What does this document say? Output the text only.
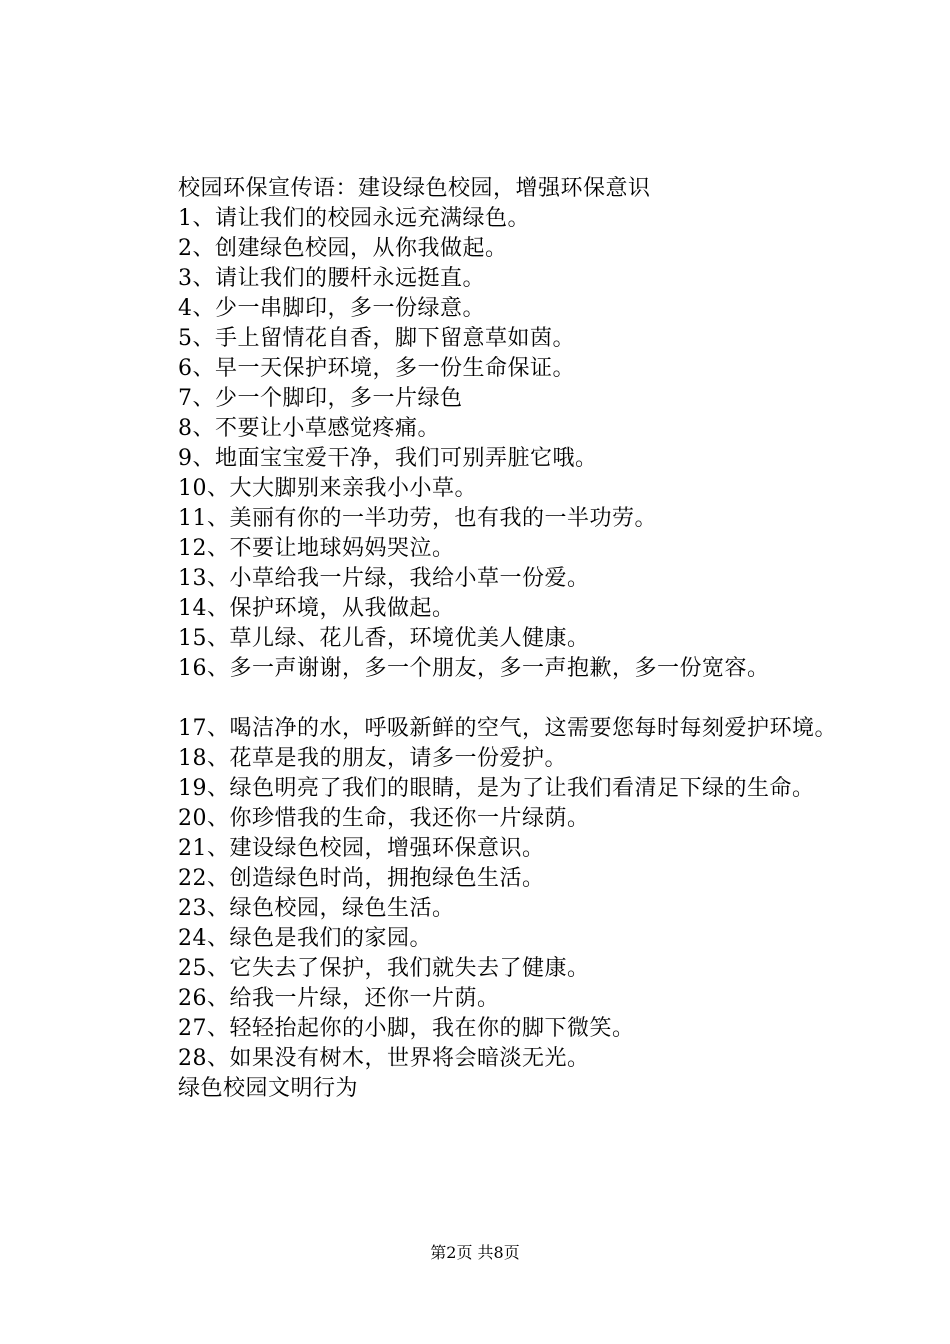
校园环保宣传语：建设绿色校园，增强环保意识
1、请让我们的校园永远充满绿色。
2、创建绿色校园，从你我做起。
3、请让我们的腰杆永远挺直。
4、少一串脚印，多一份绿意。
5、手上留情花自香，脚下留意草如茵。
6、早一天保护环境，多一份生命保证。
7、少一个脚印，多一片绿色
8、不要让小草感觉疼痛。
9、地面宝宝爱干净，我们可别弄脏它哦。
10、大大脚别来亲我小小草。
11、美丽有你的一半功劳，也有我的一半功劳。
12、不要让地球妈妈哭泣。
13、小草给我一片绿，我给小草一份爱。
14、保护环境，从我做起。
15、草儿绿、花儿香，环境优美人健康。
16、多一声谢谢，多一个朋友，多一声抱歉，多一份宽容。
17、喝洁净的水，呼吸新鲜的空气，这需要您每时每刻爱护环境。
18、花草是我的朋友，请多一份爱护。
19、绿色明亮了我们的眼睛，是为了让我们看清足下绿的生命。
20、你珍惜我的生命，我还你一片绿荫。
21、建设绿色校园，增强环保意识。
22、创造绿色时尚，拥抱绿色生活。
23、绿色校园，绿色生活。
24、绿色是我们的家园。
25、它失去了保护，我们就失去了健康。
26、给我一片绿，还你一片荫。
27、轻轻抬起你的小脚，我在你的脚下微笑。
28、如果没有树木，世界将会暗淡无光。
绿色校园文明行为
第2页 共8页
